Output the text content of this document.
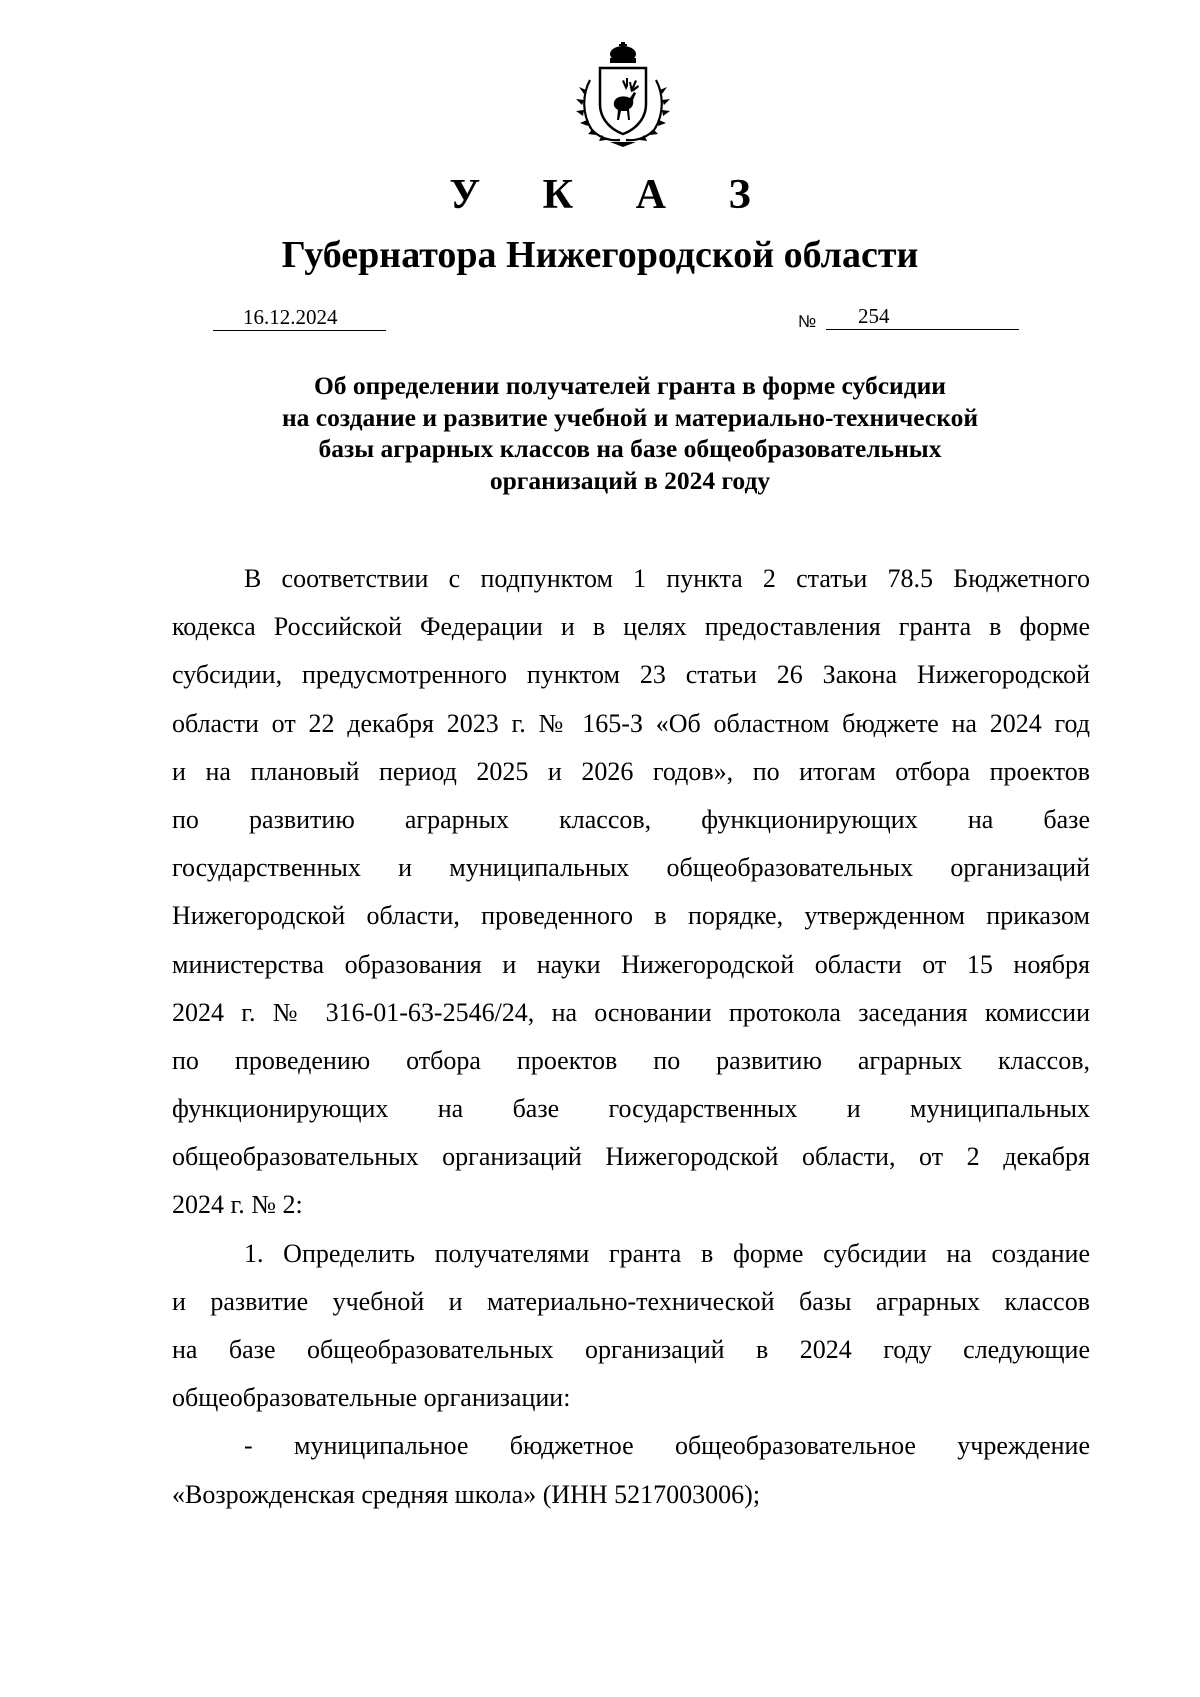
У К А З
Губернатора Нижегородской области
16.12.2024	№ 254
Об определении получателей гранта в форме субсидии
на создание и развитие учебной и материально-технической
базы аграрных классов на базе общеобразовательных
организаций в 2024 году
В соответствии с подпунктом 1 пункта 2 статьи 78.5 Бюджетного
кодекса Российской Федерации и в целях предоставления гранта в форме
субсидии, предусмотренного пунктом 23 статьи 26 Закона Нижегородской
области от 22 декабря 2023 г. № 165-З «Об областном бюджете на 2024 год
и на плановый период 2025 и 2026 годов», по итогам отбора проектов
по развитию аграрных классов, функционирующих на базе
государственных и муниципальных общеобразовательных организаций
Нижегородской области, проведенного в порядке, утвержденном приказом
министерства образования и науки Нижегородской области от 15 ноября
2024 г. № 316-01-63-2546/24, на основании протокола заседания комиссии
по проведению отбора проектов по развитию аграрных классов,
функционирующих на базе государственных и муниципальных
общеобразовательных организаций Нижегородской области, от 2 декабря
2024 г. № 2:
1. Определить получателями гранта в форме субсидии на создание
и развитие учебной и материально-технической базы аграрных классов
на базе общеобразовательных организаций в 2024 году следующие
общеобразовательные организации:
- муниципальное бюджетное общеобразовательное учреждение
«Возрожденская средняя школа» (ИНН 5217003006);
